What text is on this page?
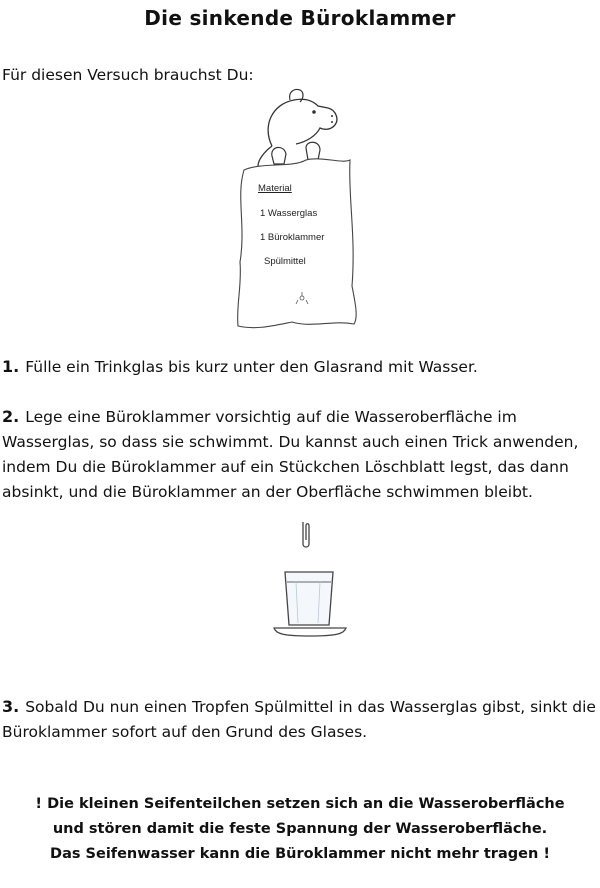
Die sinkende Büroklammer
Für diesen Versuch brauchst Du:
Material
1 Wasserglas
1 Büroklammer
Spülmittel
1. Fülle ein Trinkglas bis kurz unter den Glasrand mit Wasser.
2. Lege eine Büroklammer vorsichtig auf die Wasseroberfläche im Wasserglas, so dass sie schwimmt. Du kannst auch einen Trick anwenden, indem Du die Büroklammer auf ein Stückchen Löschblatt legst, das dann absinkt, und die Büroklammer an der Oberfläche schwimmen bleibt.
3. Sobald Du nun einen Tropfen Spülmittel in das Wasserglas gibst, sinkt die Büroklammer sofort auf den Grund des Glases.
! Die kleinen Seifenteilchen setzen sich an die Wasseroberfläche
und stören damit die feste Spannung der Wasseroberfläche.
Das Seifenwasser kann die Büroklammer nicht mehr tragen !
